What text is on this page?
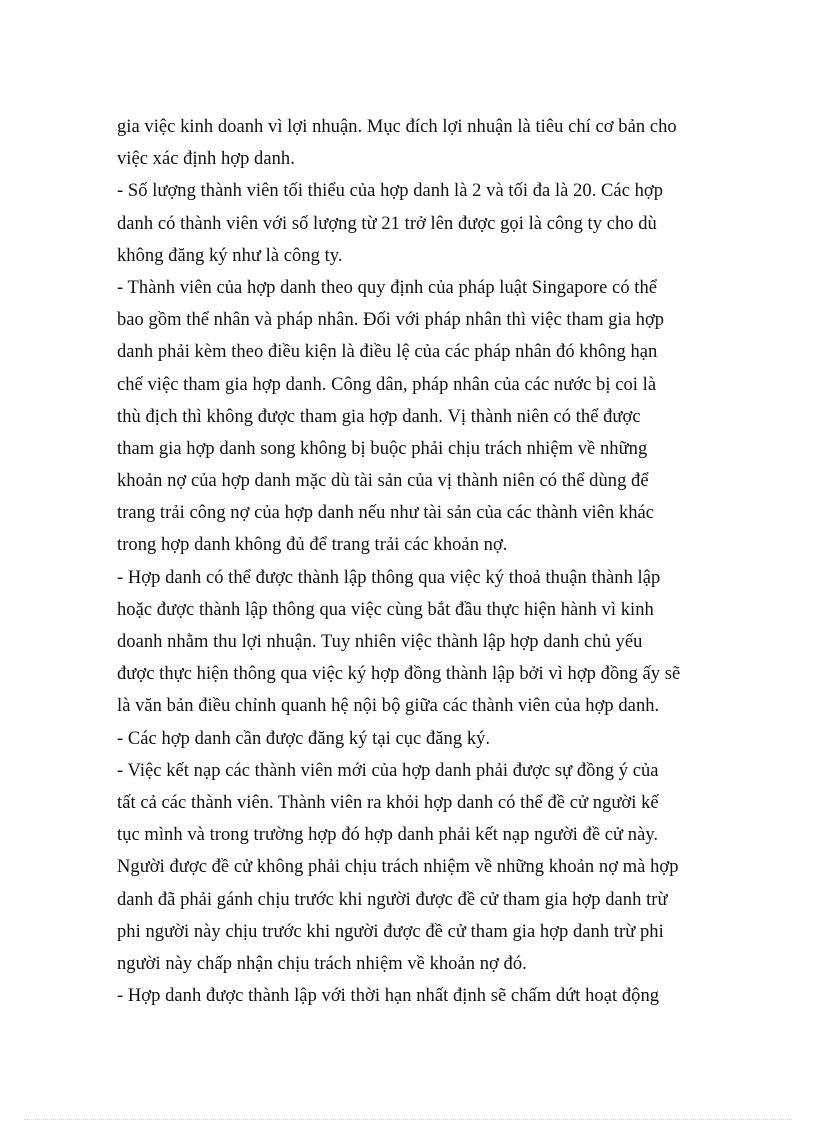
gia việc kinh doanh vì lợi nhuận. Mục đích lợi nhuận là tiêu chí cơ bản cho
việc xác định hợp danh.
- Số lượng thành viên tối thiểu của hợp danh là 2 và tối đa là 20. Các hợp
danh có thành viên với số lượng từ 21 trở lên được gọi là công ty cho dù
không đăng ký như là công ty.
- Thành viên của hợp danh theo quy định của pháp luật Singapore có thể
bao gồm thể nhân và pháp nhân. Đối với pháp nhân thì việc tham gia hợp
danh phải kèm theo điều kiện là điều lệ của các pháp nhân đó không hạn
chế việc tham gia hợp danh. Công dân, pháp nhân của các nước bị coi là
thù địch thì không được tham gia hợp danh. Vị thành niên có thể được
tham gia hợp danh song không bị buộc phải chịu trách nhiệm về những
khoản nợ của hợp danh mặc dù tài sản của vị thành niên có thể dùng để
trang trải công nợ của hợp danh nếu như tài sản của các thành viên khác
trong hợp danh không đủ để trang trải các khoản nợ.
- Hợp danh có thể được thành lập thông qua việc ký thoả thuận thành lập
hoặc được thành lập thông qua việc cùng bắt đầu thực hiện hành vì kinh
doanh nhằm thu lợi nhuận. Tuy nhiên việc thành lập hợp danh chủ yếu
được thực hiện thông qua việc ký hợp đồng thành lập bởi vì hợp đồng ấy sẽ
là văn bản điều chỉnh quanh hệ nội bộ giữa các thành viên của hợp danh.
- Các hợp danh cần được đăng ký tại cục đăng ký.
- Việc kết nạp các thành viên mới của hợp danh phải được sự đồng ý của
tất cả các thành viên. Thành viên ra khỏi hợp danh có thể đề cử người kế
tục mình và trong trường hợp đó hợp danh phải kết nạp người đề cử này.
Người được đề cử không phải chịu trách nhiệm về những khoản nợ mà hợp
danh đã phải gánh chịu trước khi người được đề cử tham gia hợp danh trừ
phi người này chịu trước khi người được đề cử tham gia hợp danh trừ phi
người này chấp nhận chịu trách nhiệm về khoản nợ đó.
- Hợp danh được thành lập với thời hạn nhất định sẽ chấm dứt hoạt động
